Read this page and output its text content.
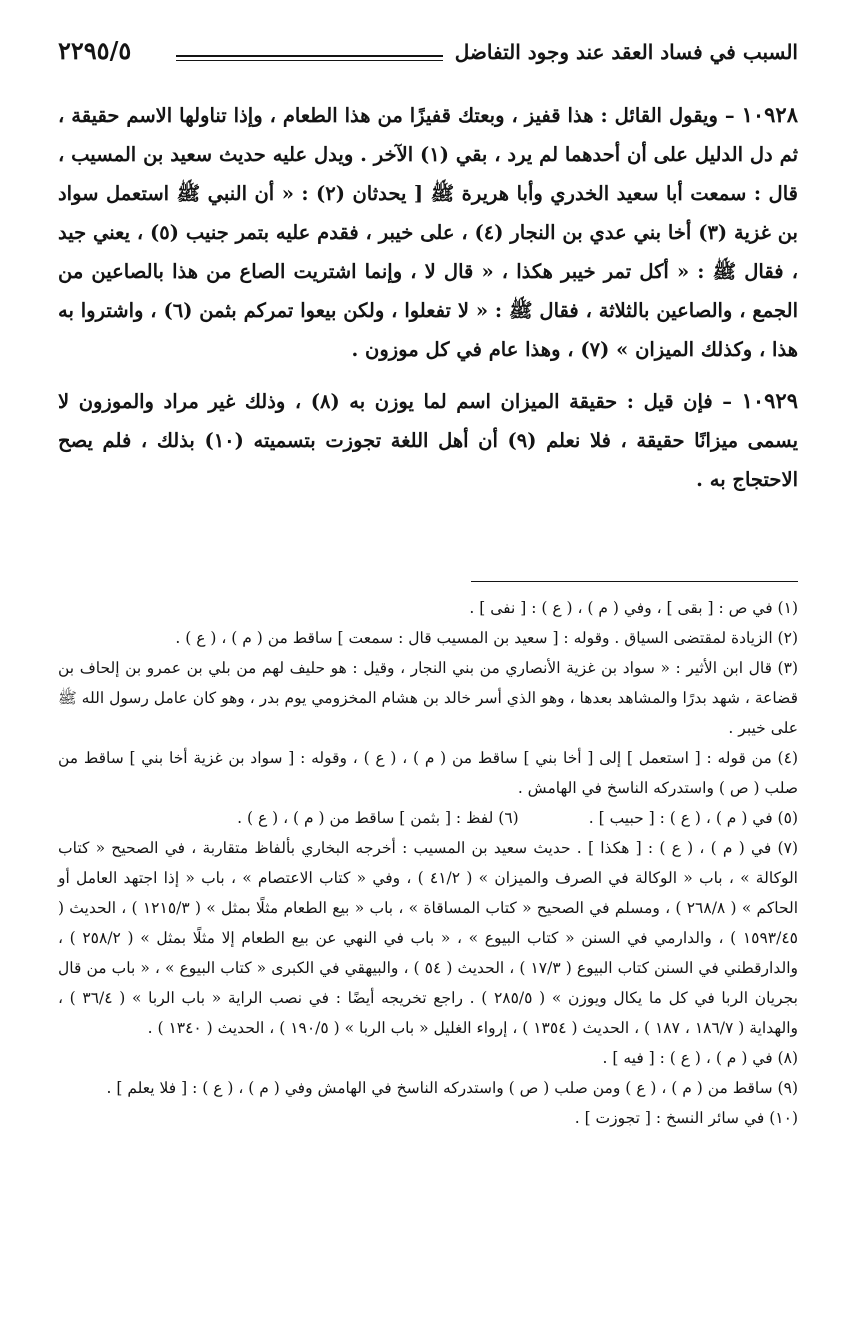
السبب في فساد العقد عند وجود التفاضل
٢٢٩٥/٥
١٠٩٢٨ – ويقول القائل : هذا قفيز ، وبعتك قفيزًا من هذا الطعام ، وإذا تناولها الاسم حقيقة ، ثم دل الدليل على أن أحدهما لم يرد ، بقي (١) الآخر . ويدل عليه حديث سعيد بن المسيب ، قال : سمعت أبا سعيد الخدري وأبا هريرة ﷺ [ يحدثان (٢) : « أن النبي ﷺ استعمل سواد بن غزية (٣) أخا بني عدي بن النجار (٤) ، على خيبر ، فقدم عليه بتمر جنيب (٥) ، يعني جيد ، فقال ﷺ : « أكل تمر خيبر هكذا ، « قال لا ، وإنما اشتريت الصاع من هذا بالصاعين من الجمع ، والصاعين بالثلاثة ، فقال ﷺ : « لا تفعلوا ، ولكن بيعوا تمركم بثمن (٦) ، واشتروا به هذا ، وكذلك الميزان » (٧) ، وهذا عام في كل موزون .
١٠٩٢٩ – فإن قيل : حقيقة الميزان اسم لما يوزن به (٨) ، وذلك غير مراد والموزون لا يسمى ميزانًا حقيقة ، فلا نعلم (٩) أن أهل اللغة تجوزت بتسميته (١٠) بذلك ، فلم يصح الاحتجاج به .

(١) في ص : [ بقى ] ، وفي ( م ) ، ( ع ) : [ نفى ] .

(٢) الزيادة لمقتضى السياق . وقوله : [ سعيد بن المسيب قال : سمعت ] ساقط من ( م ) ، ( ع ) .

(٣) قال ابن الأثير : « سواد بن غزية الأنصاري من بني النجار ، وقيل : هو حليف لهم من بلي بن عمرو بن إلحاف بن قضاعة ، شهد بدرًا والمشاهد بعدها ، وهو الذي أسر خالد بن هشام المخزومي يوم بدر ، وهو كان عامل رسول الله ﷺ على خيبر .

(٤) من قوله : [ استعمل ] إلى [ أخا بني ] ساقط من ( م ) ، ( ع ) ، وقوله : [ سواد بن غزية أخا بني ] ساقط من صلب ( ص ) واستدركه الناسخ في الهامش .

(٥) في ( م ) ، ( ع ) : [ حبيب ] .
(٦) لفظ : [ بثمن ] ساقط من ( م ) ، ( ع ) .

(٧) في ( م ) ، ( ع ) : [ هكذا ] . حديث سعيد بن المسيب : أخرجه البخاري بألفاظ متقاربة ، في الصحيح « كتاب الوكالة » ، باب « الوكالة في الصرف والميزان » ( ٤١/٢ ) ، وفي « كتاب الاعتصام » ، باب « إذا اجتهد العامل أو الحاكم » ( ٢٦٨/٨ ) ، ومسلم في الصحيح « كتاب المساقاة » ، باب « بيع الطعام مثلًا بمثل » ( ١٢١٥/٣ ) ، الحديث ( ١٥٩٣/٤٥ ) ، والدارمي في السنن « كتاب البيوع » ، « باب في النهي عن بيع الطعام إلا مثلًا بمثل » ( ٢٥٨/٢ ) ، والدارقطني في السنن كتاب البيوع ( ١٧/٣ ) ، الحديث ( ٥٤ ) ، والبيهقي في الكبرى « كتاب البيوع » ، « باب من قال بجريان الربا في كل ما يكال ويوزن » ( ٢٨٥/٥ ) . راجع تخريجه أيضًا : في نصب الراية « باب الربا » ( ٣٦/٤ ) ، والهداية ( ١٨٦/٧ ، ١٨٧ ) ، الحديث ( ١٣٥٤ ) ، إرواء الغليل « باب الربا » ( ١٩٠/٥ ) ، الحديث ( ١٣٤٠ ) .

(٨) في ( م ) ، ( ع ) : [ فيه ] .

(٩) ساقط من ( م ) ، ( ع ) ومن صلب ( ص ) واستدركه الناسخ في الهامش وفي ( م ) ، ( ع ) : [ فلا يعلم ] .

(١٠) في سائر النسخ : [ تجوزت ] .
